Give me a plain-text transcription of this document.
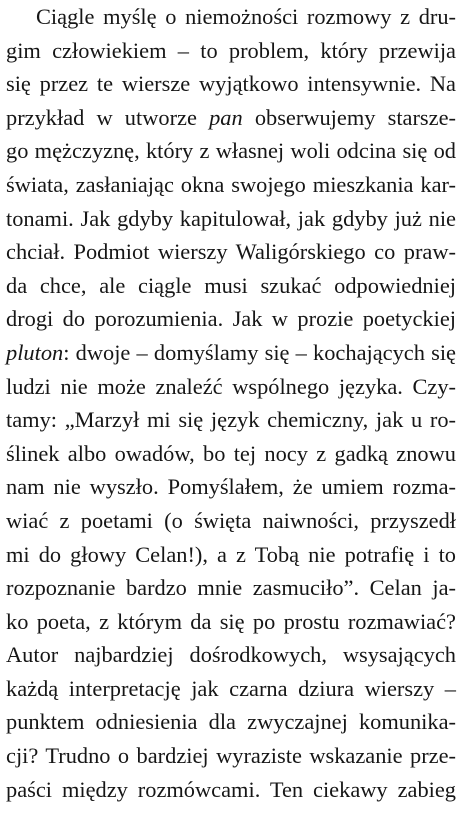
Ciągle myślę o niemożności rozmowy z dru-
gim człowiekiem – to problem, który przewija
się przez te wiersze wyjątkowo intensywnie. Na
przykład w utworze pan obserwujemy starsze-
go mężczyznę, który z własnej woli odcina się od
świata, zasłaniając okna swojego mieszkania kar-
tonami. Jak gdyby kapitulował, jak gdyby już nie
chciał. Podmiot wierszy Waligórskiego co praw-
da chce, ale ciągle musi szukać odpowiedniej
drogi do porozumienia. Jak w prozie poetyckiej
pluton: dwoje – domyślamy się – kochających się
ludzi nie może znaleźć wspólnego języka. Czy-
tamy: „Marzył mi się język chemiczny, jak u ro-
ślinek albo owadów, bo tej nocy z gadką znowu
nam nie wyszło. Pomyślałem, że umiem rozma-
wiać z poetami (o święta naiwności, przyszedł
mi do głowy Celan!), a z Tobą nie potrafię i to
rozpoznanie bardzo mnie zasmuciło”. Celan ja-
ko poeta, z którym da się po prostu rozmawiać?
Autor najbardziej dośrodkowych, wsysających
każdą interpretację jak czarna dziura wierszy –
punktem odniesienia dla zwyczajnej komunika-
cji? Trudno o bardziej wyraziste wskazanie prze-
paści między rozmówcami. Ten ciekawy zabieg
